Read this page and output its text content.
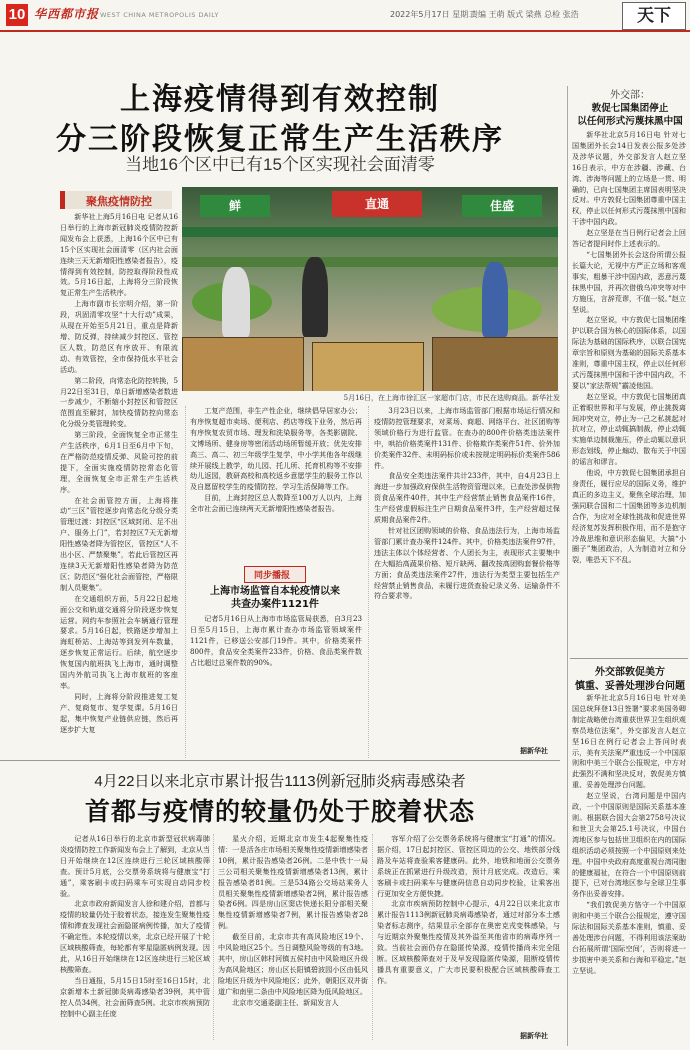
10 华西都市报 WEST CHINA METROPOLIS DAILY	2022年5月17日 星期二
责编 王萌 版式 梁燕 总检 张浩	天下
上海疫情得到有效控制
分三阶段恢复正常生产生活秩序
当地16个区中已有15个区实现社会面清零
聚焦疫情防控

新华社上海5月16日电 记者从16日举行的上海市新冠肺炎疫情防控新闻发布会上获悉，上海16个区中已有15个区实现社会面清零（区内社会面连续三天无新增阳性感染者报告），疫情得到有效控制，防控取得阶段性成效。5月16日起，上海将分三阶段恢复正常生产生活秩序。

上海市副市长宗明介绍，第一阶段，巩固清零攻坚“十大行动”成果，从现在开始至5月21日，重点是降新增、防反弹，持续减少封控区、管控区人数，防范区有序放开、有限流动、有效管控，全市保持低水平社会活动。

第二阶段，向常态化防控转换，5月22日至31日，单日新增感染者数进一步减少，不断缩小封控区和管控区范围直至解封，加快疫情防控向常态化分级分类管理转变。

第三阶段，全面恢复全市正常生产生活秩序，6月1日至6月中下旬，在严格防范疫情反弹、风险可控的前提下，全面实施疫情防控常态化管理，全面恢复全市正常生产生活秩序。

在社会面管控方面，上海将推动“三区”管控逐步向常态化分级分类管理过渡：封控区“区域封闭、足不出户、服务上门”，若封控区7天无新增阳性感染者降为管控区，管控区“人不出小区、严禁聚集”，若此后管控区再连续3天无新增阳性感染者降为防范区；防范区“强化社会面管控，严格限制人员聚集”。

在交通组织方面，5月22日起地面公交和轨道交通将分阶段逐步恢复运营。网约车参照社会车辆通行管理要求。5月16日起，铁路逐步增加上海虹桥站、上海站等到发列车数量，逐步恢复正常运行。后续，航空逐步恢复国内航班执飞上海市，通时调整国内外航司执飞上海市航班的客座率。

同时，上海将分阶段推进复工复产、复商复市、复学复课。5月16日起，集中恢复产业链供应链，然后再逐步扩大复

鲜	直通	佳盛
5月16日，在上海市徐汇区一家超市门店，市民在选购商品。新华社发

工复产范围，非生产性企业，继续倡导居家办公；有序恢复超市卖场、便利店、药店等线下业务，然后再有序恢复农贸市场、理发和洗染服务等，各类影剧院、文博场所、健身房等密闭活动场所暂缓开放；优先安排高三、高二、初三年级学生复学，中小学其他各年级继续开展线上教学，幼儿园、托儿所、托育机构等不安排幼儿返园，教研高校和高校返乡意愿学生的服务工作以及自愿留校学生的疫情防控、学习生活保障等工作。

目前，上海封控区总人数降至100万人以内，上海全市社会面已连续两天无新增阳性感染者报告。

同步播报
上海市场监管自本轮疫情以来
共查办案件1121件

记者5月16日从上海市市场监管局获悉，自3月23日至5月15日，上海市累计查办市场监管领域案件1121件，已移送公安部门19件。其中，价格类案件800件，食品安全类案件233件，价格、食品类案件数占比超过总案件数的90%。

3月23日以来，上海市场监管部门根据市场运行情况和疫情防控管理要求，对菜场、商超、网络平台、社区团购等领域价格行为进行监管。在查办的800件价格类违法案件中，哄抬价格类案件131件、价格欺诈类案件51件、价外加价类案件32件、未明码标价或未按规定明码标价类案件586件。

食品安全类违法案件共计233件，其中，自4月23日上海进一步加强政府保供生活物资管理以来，已查处涉保供物资食品案件40件，其中生产经营禁止销售食品案件16件，生产经营虚假标注生产日期食品案件3件，生产经营超过保质期食品案件2件。

针对社区团购领域的价格、食品违法行为，上海市场监管部门累计查办案件124件。其中，价格类违法案件97件，违法主体以个体经营者、个人团长为主，表现形式主要集中在大幅抬高蔬果价格、短斤缺两、翻改按高团购套餐价格等方面；食品类违法案件27件，违法行为类型主要包括生产经营禁止销售食品，未履行进货查验记录义务、运输条件不符合要求等。

据新华社
4月22日以来北京市累计报告1113例新冠肺炎病毒感染者
首都与疫情的较量仍处于胶着状态

记者从16日举行的北京市新型冠状病毒肺炎疫情防控工作新闻发布会上了解到，北京从当日开始继续在12区连续进行三轮区域核酸筛查。预计5月底，公交票务系统将与健康宝“打通”，乘客刷卡或扫码乘车可实现自动同步校验。

北京市政府新闻发言人徐和建介绍，首都与疫情的较量仍处于胶着状态，接连发生聚集性疫情和滞查发现社会面隐匿病例传播，加大了疫情不确定性。本轮疫情以来，北京已经开展了十轮区域核酸筛查，每轮都有零星隐匿病例发现。因此，从16日开始继续在12区连续进行三轮区域核酸筛查。

当日通报，5月15日15时至16日15时，北京新增本土新冠肺炎病毒感染者39例，其中管控人员34例，社会面筛查5例。北京市疾病预防控制中心副主任庞

星火介绍，近期北京市发生4起聚集性疫情：一是活各庄市场相关聚集性疫情新增感染者10例，累计报告感染者26例。二是中铁十一局三公司相关聚集性疫情新增感染者13例，累计报告感染者81例。三是534路公交场站乘务人员相关聚集性疫情新增感染者2例，累计报告感染者6例。四是房山区窦店快递长阳分部相关聚集性疫情新增感染者7例，累计报告感染者28例。

截至目前，北京市共有高风险地区19个、中风险地区25个。当日调整风险等级的有3地。其中，房山区韩村河镇五侯村由中风险地区升级为高风险地区；房山区长阳镇碧波园小区由低风险地区升级为中风险地区；此外，朝阳区双井街道广和南里二条由中风险地区降为低风险地区。

北京市交通委副主任、新闻发言人

容军介绍了公交票务系统将与健康宝“打通”的情况。据介绍，17日起封控区、管控区周边的公交、地铁部分线路及车站将查验乘客健康码。此外，地铁和地面公交票务系统正在抓紧进行升级改造，预计月底完成。改造后，乘客刷卡或扫码乘车与健康码信息自动同步校验，让乘客出行更加安全方便快捷。

北京市疾病预防控制中心提示，4月22日以来北京市累计报告1113例新冠肺炎病毒感染者，通过对部分本土感染者标志测序，结果显示全部存在奥密克戎变株感染，与与近期京外聚集性疫情及其外溢至其他省市的病毒序列一致。当前社会面仍存在隐匿传染源，疫情传播尚未完全阻断。区域核酸筛查对于及早发现隐匿传染源，阻断疫情传播具有重要意义，广大市民要积极配合区域核酸筛查工作。

据新华社
外交部：
敦促七国集团停止
以任何形式污蔑抹黑中国

新华社北京5月16日电 针对七国集团外长会14日发表公报多处涉及涉华议题，外交部发言人赵立坚16日表示，中方在涉疆、涉藏、台湾、涉海等问题上的立场是一贯、明确的，已向七国集团主席国表明坚决反对。中方敦促七国集团尊重中国主权，停止以任何形式污蔑抹黑中国和干涉中国内政。

赵立坚是在当日例行记者会上回答记者提问时作上述表示的。

“七国集团外长会这份所谓公报长篇大论，无视中方严正立场和客观事实，粗暴干涉中国内政，恶意污蔑抹黑中国，并再次借俄乌冲突等对中方施压，言辞荒谬，不值一驳。”赵立坚说。

赵立坚说，中方敦促七国集团维护以联合国为核心的国际体系，以国际法为基础的国际秩序，以联合国宪章宗旨和原则为基础的国际关系基本准则，尊重中国主权，停止以任何形式污蔑抹黑中国和干涉中国内政，不要以“家法帮规”霸凌他国。

赵立坚说，中方敦促七国集团真正着眼世界和平与发展，停止挑拨离间冲突对立，停止为一己之私挑起对抗对立，停止动辄搞制裁，停止动辄实施单边制裁施压，停止动辄以意识形态划线，停止煽动、散布关于中国的谣言和谬言。

他说，中方敦促七国集团承担自身责任，履行应尽的国际义务，维护真正的多边主义，聚焦全球治理，加强同联合国和二十国集团等多边机制合作，为应对全球性挑战和促进世界经济复苏发挥积极作用，而不是抱守冷战思维和意识形态偏见，大搞“小圈子”集团政治，人为制造对立和分裂，唯恐天下不乱。

外交部敦促美方
慎重、妥善处理涉台问题

新华社北京5月16日电 针对美国总统拜登13日签署“要求美国务卿制定战略使台湾重获世界卫生组织观察员地位法案”，外交部发言人赵立坚16日在例行记者会上答问时表示，美有关法案严重违反一个中国原则和中美三个联合公报规定，中方对此强烈不满和坚决反对，敦促美方慎重、妥善处理涉台问题。

赵立坚说，台湾问题是中国内政，一个中国原则是国际关系基本准则。根据联合国大会第2758号决议和世卫大会第25.1号决议，中国台湾地区参与包括世卫组织在内的国际组织活动必须按照一个中国原则来处理。中国中央政府高度重视台湾同胞的健康福祉，在符合一个中国原则前提下，已对台湾地区参与全球卫生事务作出妥善安排。

“我们敦促美方恪守一个中国原则和中美三个联合公报规定，遵守国际法和国际关系基本准则，慎重、妥善处理涉台问题，不得利用该法案助台拓展所谓‘国际空间’，否则将进一步损害中美关系和台海和平稳定。”赵立坚说。
